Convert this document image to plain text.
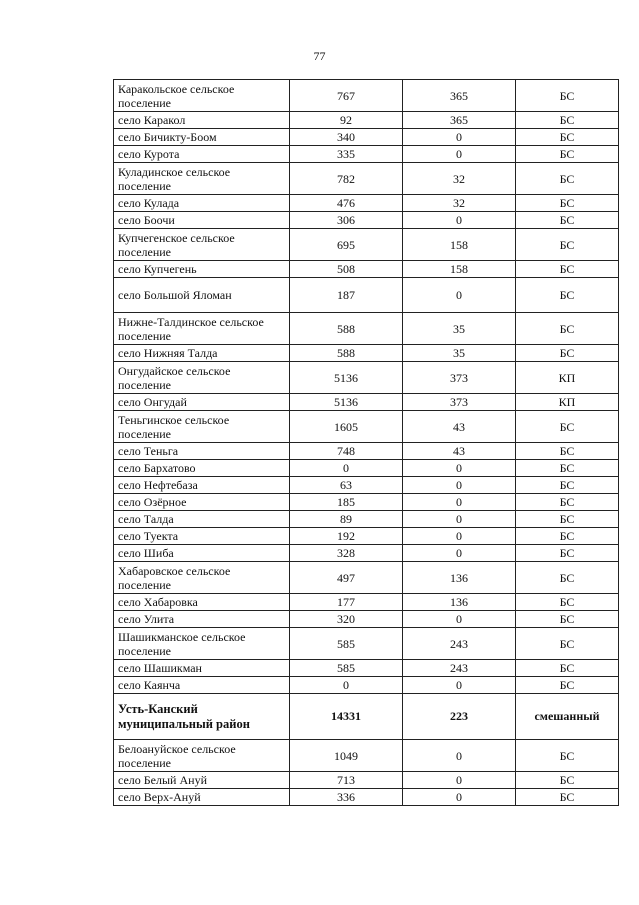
77
Каракольское сельское поселение	767	365	БС
село Каракол	92	365	БС
село Бичикту-Боом	340	0	БС
село Курота	335	0	БС
Куладинское сельское поселение	782	32	БС
село Кулада	476	32	БС
село Боочи	306	0	БС
Купчегенское сельское поселение	695	158	БС
село Купчегень	508	158	БС
село Большой Яломан	187	0	БС
Нижне-Талдинское сельское поселение	588	35	БС
село Нижняя Талда	588	35	БС
Онгудайское сельское поселение	5136	373	КП
село Онгудай	5136	373	КП
Теньгинское сельское поселение	1605	43	БС
село Теньга	748	43	БС
село Бархатово	0	0	БС
село Нефтебаза	63	0	БС
село Озёрное	185	0	БС
село Талда	89	0	БС
село Туекта	192	0	БС
село Шиба	328	0	БС
Хабаровское сельское поселение	497	136	БС
село Хабаровка	177	136	БС
село Улита	320	0	БС
Шашикманское сельское поселение	585	243	БС
село Шашикман	585	243	БС
село Каянча	0	0	БС
Усть-Канский муниципальный район	14331	223	смешанный
Белоануйское сельское поселение	1049	0	БС
село Белый Ануй	713	0	БС
село Верх-Ануй	336	0	БС
